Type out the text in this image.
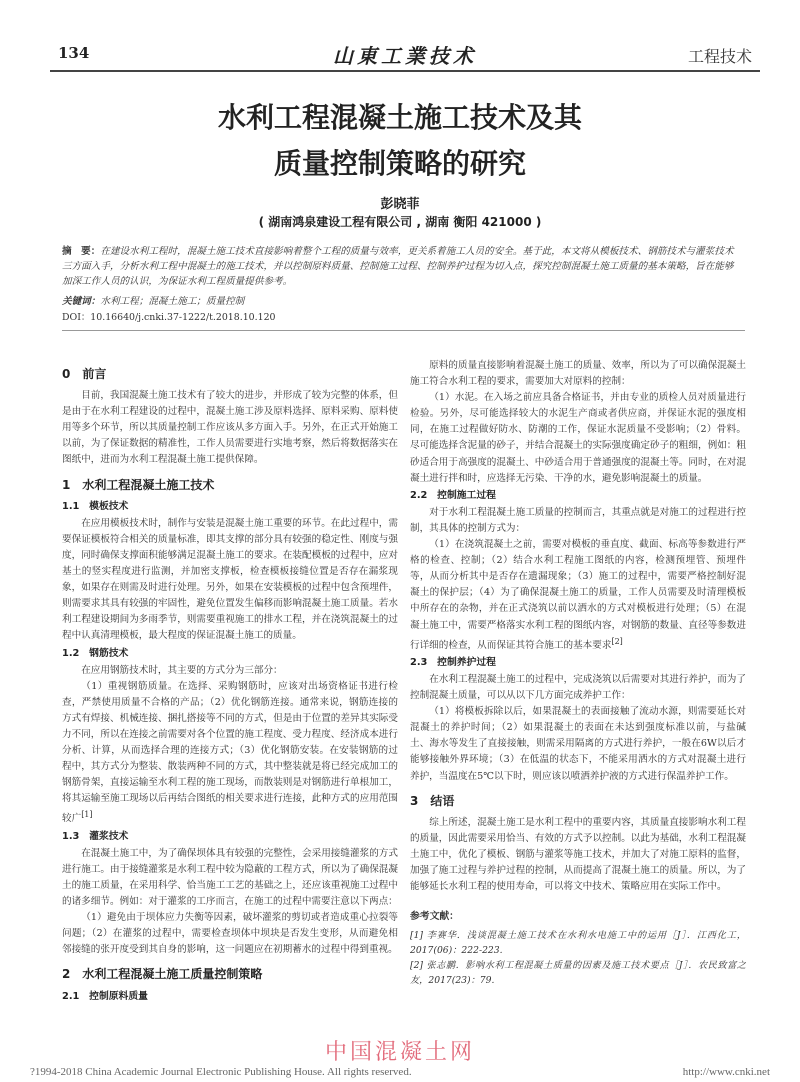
134	山東工業技术	工程技术
水利工程混凝土施工技术及其
质量控制策略的研究
彭晓菲
( 湖南鸿泉建设工程有限公司 , 湖南 衡阳 421000 )
摘　要：在建设水利工程时，混凝土施工技术直接影响着整个工程的质量与效率，更关系着施工人员的安全。基于此，本文将从模板技术、钢筋技术与灌浆技术三方面入手，分析水利工程中混凝土的施工技术，并以控制原料质量、控制施工过程、控制养护过程为切入点，探究控制混凝土施工质量的基本策略，旨在能够加深工作人员的认识，为保证水利工程质量提供参考。
关键词：水利工程；混凝土施工；质量控制
DOI：10.16640/j.cnki.37-1222/t.2018.10.120
0　前言

目前，我国混凝土施工技术有了较大的进步，并形成了较为完整的体系，但是由于在水利工程建设的过程中，混凝土施工涉及原料选择、原料采购、原料使用等多个环节，所以其质量控制工作应该从多方面入手。另外，在正式开始施工以前，为了保证数据的精准性，工作人员需要进行实地考察，然后将数据落实在图纸中，进而为水利工程混凝土施工提供保障。

1　水利工程混凝土施工技术
1.1　模板技术

在应用模板技术时，制作与安装是混凝土施工重要的环节。在此过程中，需要保证模板符合相关的质量标准，即其支撑的部分具有较强的稳定性、刚度与强度，同时确保支撑面积能够满足混凝土施工的要求。在装配模板的过程中，应对基土的竖实程度进行监测，并加密支撑板，检查模板接缝位置是否存在漏浆现象，如果存在则需及时进行处理。另外，如果在安装模板的过程中包含预埋件，则需要求其具有较强的牢固性，避免位置发生偏移而影响混凝土施工质量。若水利工程建设期间为多雨季节，则需要重视施工的排水工程，并在浇筑混凝土的过程中认真清理模板，最大程度的保证混凝土施工的质量。

1.2　钢筋技术

在应用钢筋技术时，其主要的方式分为三部分：

（1）重视钢筋质量。在选择、采购钢筋时，应该对出场资格证书进行检查，严禁使用质量不合格的产品；（2）优化钢筋连接。通常来说，钢筋连接的方式有焊接、机械连接、捆扎搭接等不同的方式，但是由于位置的差异其实际受力不同，所以在连接之前需要对各个位置的施工程度、受力程度、经济成本进行分析、计算，从而选择合理的连接方式；（3）优化钢筋安装。在安装钢筋的过程中，其方式分为整装、散装两种不同的方式，其中整装就是将已经完成加工的钢筋骨架，直接运输至水利工程的施工现场，而散装则是对钢筋进行单根加工，将其运输至施工现场以后再结合图纸的相关要求进行连接，此种方式的应用范围较广[1]

1.3　灌浆技术

在混凝土施工中，为了确保坝体具有较强的完整性，会采用接缝灌浆的方式进行施工。由于接缝灌浆是水利工程中较为隐蔽的工程方式，所以为了确保混凝土的施工质量，在采用科学、恰当施工工艺的基础之上，还应该重视施工过程中的诸多细节。例如：对于灌浆的工序而言，在施工的过程中需要注意以下两点：

（1）避免由于坝体应力失衡等因素，破坏灌浆的剪切或者造成重心拉裂等问题；（2）在灌浆的过程中，需要检查坝体中坝块是否发生变形，从而避免相邻接缝的张开度受到其自身的影响，这一问题应在初期蓄水的过程中得到重视。

2　水利工程混凝土施工质量控制策略
2.1　控制原料质量

原料的质量直接影响着混凝土施工的质量、效率，所以为了可以确保混凝土施工符合水利工程的要求，需要加大对原料的控制：

（1）水泥。在入场之前应具备合格证书，并由专业的质检人员对质量进行检验。另外，尽可能选择较大的水泥生产商或者供应商，并保证水泥的强度相同，在施工过程做好防水、防潮的工作，保证水泥质量不受影响；（2）骨料。尽可能选择含泥量的砂子，并结合混凝土的实际强度确定砂子的粗细，例如：粗砂适合用于高强度的混凝土、中砂适合用于普通强度的混凝土等。同时，在对混凝土进行拌和时，应选择无污染、干净的水，避免影响混凝土的质量。

2.2　控制施工过程

对于水利工程混凝土施工质量的控制而言，其重点就是对施工的过程进行控制，其具体的控制方式为：

（1）在浇筑混凝土之前，需要对模板的垂直度、截面、标高等参数进行严格的检查、控制；（2）结合水利工程施工图纸的内容，检测预埋管、预埋件等，从而分析其中是否存在遗漏现象；（3）施工的过程中，需要严格控制好混凝土的保护层；（4）为了确保混凝土施工的质量，工作人员需要及时清理模板中所存在的杂物，并在正式浇筑以前以洒水的方式对模板进行处理；（5）在混凝土施工中，需要严格落实水利工程的图纸内容，对钢筋的数量、直径等参数进行详细的检查，从而保证其符合施工的基本要求[2]

2.3　控制养护过程

在水利工程混凝土施工的过程中，完成浇筑以后需要对其进行养护，而为了控制混凝土质量，可以从以下几方面完成养护工作：

（1）将模板拆除以后，如果混凝土的表面接触了流动水源，则需要延长对混凝土的养护时间；（2）如果混凝土的表面在未达到强度标准以前，与盐碱土、海水等发生了直接接触，则需采用隔离的方式进行养护，一般在6W以后才能够接触外界环境；（3）在低温的状态下，不能采用洒水的方式对混凝土进行养护，当温度在5℃以下时，则应该以喷洒养护液的方式进行保温养护工作。

3　结语

综上所述，混凝土施工是水利工程中的重要内容，其质量直接影响水利工程的质量，因此需要采用恰当、有效的方式予以控制。以此为基础，水利工程混凝土施工中，优化了模板、钢筋与灌浆等施工技术，并加大了对施工原料的监督，加强了施工过程与养护过程的控制，从而提高了混凝土施工的质量。所以，为了能够延长水利工程的使用寿命，可以将文中技术、策略应用在实际工作中。

参考文献：

[1] 李赛华．浅谈混凝土施工技术在水利水电施工中的运用［J］．江西化工，2017(06)：222-223.

[2] 张志鹏．影响水利工程混凝土质量的因素及施工技术要点［J］．农民致富之友，2017(23)：79.

中国混凝土网
?1994-2018 China Academic Journal Electronic Publishing House. All rights reserved.	http://www.cnki.net
